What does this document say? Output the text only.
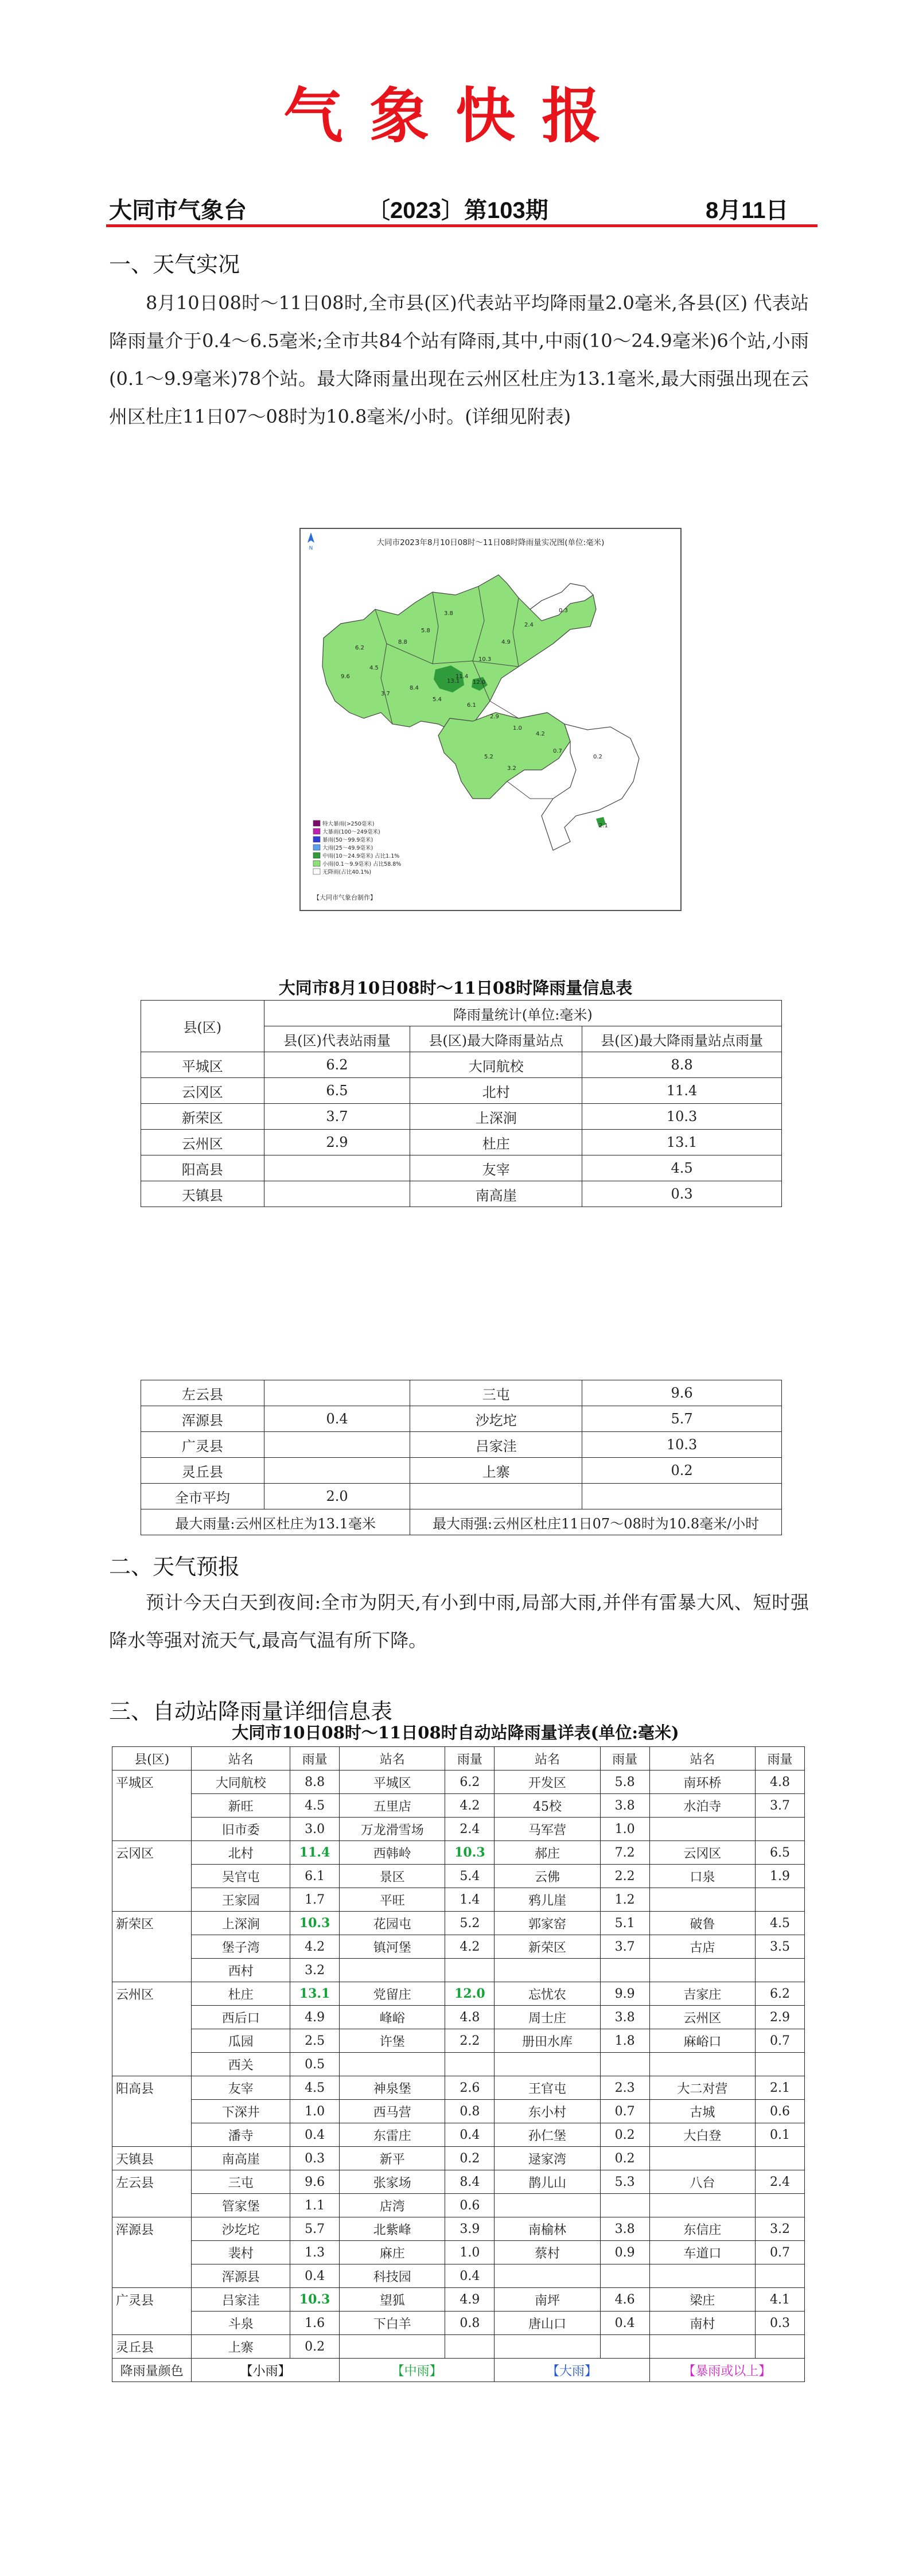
气象快报
大同市气象台	〔2023〕第103期	8月11日
一、天气实况
8月10日08时～11日08时,全市县(区)代表站平均降雨量2.0毫米,各县(区) 代表站降雨量介于0.4～6.5毫米;全市共84个站有降雨,其中,中雨(10～24.9毫米)6个站,小雨(0.1～9.9毫米)78个站。最大降雨量出现在云州区杜庄为13.1毫米,最大雨强出现在云州区杜庄11日07～08时为10.8毫米/小时。(详细见附表)
N
大同市2023年8月10日08时～11日08时降雨量实况图(单位:毫米)
6.2
4.5
8.8
5.8
3.8
11.4
13.1
10.3
4.9
2.4
0.3
9.6
3.7
8.4
5.4
6.1
2.9
1.0
4.2
12.0
0.7
5.2
3.2
0.2
2.1
特大暴雨(>250毫米)
大暴雨(100～249毫米)
暴雨(50～99.9毫米)
大雨(25～49.9毫米)
中雨(10～24.9毫米) 占比1.1%
小雨(0.1～9.9毫米) 占比58.8%
无降雨(占比40.1%)
【大同市气象台制作】
大同市8月10日08时～11日08时降雨量信息表
县(区)	降雨量统计(单位:毫米)		
	县(区)代表站雨量	县(区)最大降雨量站点	县(区)最大降雨量站点雨量
平城区	6.2	大同航校	8.8
云冈区	6.5	北村	11.4
新荣区	3.7	上深涧	10.3
云州区	2.9	杜庄	13.1
阳高县		友宰	4.5
天镇县		南高崖	0.3
左云县		三屯	9.6
浑源县	0.4	沙圪坨	5.7
广灵县		吕家洼	10.3
灵丘县		上寨	0.2
全市平均	2.0		
最大雨量:云州区杜庄为13.1毫米		最大雨强:云州区杜庄11日07～08时为10.8毫米/小时	
二、天气预报
预计今天白天到夜间:全市为阴天,有小到中雨,局部大雨,并伴有雷暴大风、短时强降水等强对流天气,最高气温有所下降。
三、自动站降雨量详细信息表
大同市10日08时～11日08时自动站降雨量详表(单位:毫米)
县(区)	站名	雨量	站名	雨量	站名	雨量	站名	雨量
平城区	大同航校	8.8	平城区	6.2	开发区	5.8	南环桥	4.8
	新旺	4.5	五里店	4.2	45校	3.8	水泊寺	3.7
	旧市委	3.0	万龙滑雪场	2.4	马军营	1.0		
云冈区	北村	11.4	西韩岭	10.3	郝庄	7.2	云冈区	6.5
	吴官屯	6.1	景区	5.4	云佛	2.2	口泉	1.9
	王家园	1.7	平旺	1.4	鸦儿崖	1.2		
新荣区	上深涧	10.3	花园屯	5.2	郭家窑	5.1	破鲁	4.5
	堡子湾	4.2	镇河堡	4.2	新荣区	3.7	古店	3.5
	西村	3.2						
云州区	杜庄	13.1	党留庄	12.0	忘忧农	9.9	吉家庄	6.2
	西后口	4.9	峰峪	4.8	周士庄	3.8	云州区	2.9
	瓜园	2.5	许堡	2.2	册田水库	1.8	麻峪口	0.7
	西关	0.5						
阳高县	友宰	4.5	神泉堡	2.6	王官屯	2.3	大二对营	2.1
	下深井	1.0	西马营	0.8	东小村	0.7	古城	0.6
	潘寺	0.4	东雷庄	0.4	孙仁堡	0.2	大白登	0.1
天镇县	南高崖	0.3	新平	0.2	逯家湾	0.2		
左云县	三屯	9.6	张家场	8.4	鹊儿山	5.3	八台	2.4
	管家堡	1.1	店湾	0.6				
浑源县	沙圪坨	5.7	北紫峰	3.9	南榆林	3.8	东信庄	3.2
	裴村	1.3	麻庄	1.0	蔡村	0.9	车道口	0.7
	浑源县	0.4	科技园	0.4				
广灵县	吕家洼	10.3	望狐	4.9	南坪	4.6	梁庄	4.1
	斗泉	1.6	下白羊	0.8	唐山口	0.4	南村	0.3
灵丘县	上寨	0.2						
降雨量颜色	【小雨】		【中雨】		【大雨】		【暴雨或以上】	
